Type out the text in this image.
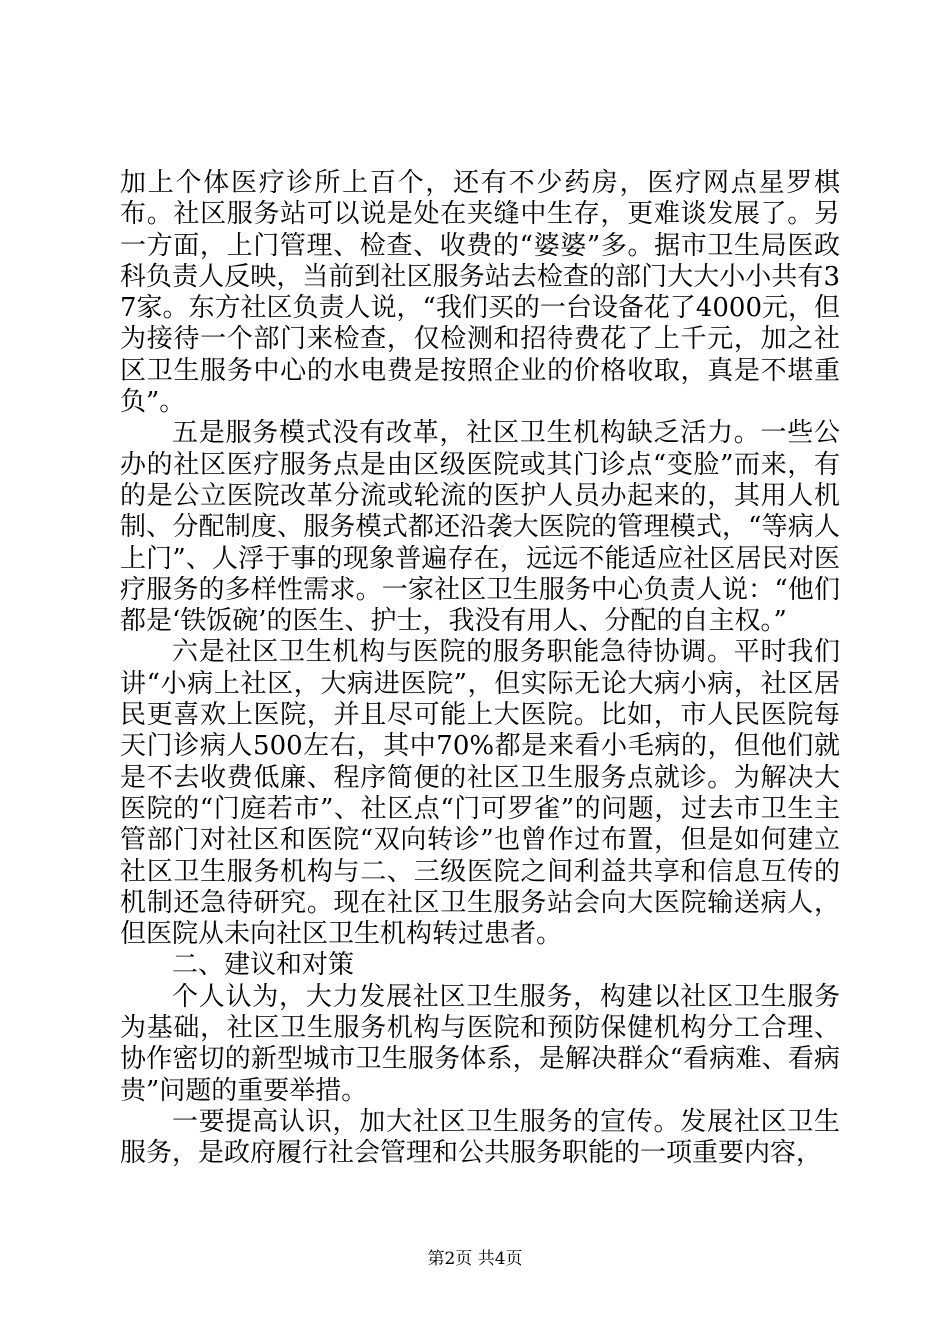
加上个体医疗诊所上百个，还有不少药房，医疗网点星罗棋布。社区服务站可以说是处在夹缝中生存，更难谈发展了。另一方面，上门管理、检查、收费的“婆婆”多。据市卫生局医政科负责人反映，当前到社区服务站去检查的部门大大小小共有37家。东方社区负责人说，“我们买的一台设备花了4000元，但为接待一个部门来检查，仅检测和招待费花了上千元，加之社区卫生服务中心的水电费是按照企业的价格收取，真是不堪重负”。

五是服务模式没有改革，社区卫生机构缺乏活力。一些公办的社区医疗服务点是由区级医院或其门诊点“变脸”而来，有的是公立医院改革分流或轮流的医护人员办起来的，其用人机制、分配制度、服务模式都还沿袭大医院的管理模式，“等病人上门”、人浮于事的现象普遍存在，远远不能适应社区居民对医疗服务的多样性需求。一家社区卫生服务中心负责人说：“他们都是‘铁饭碗’的医生、护士，我没有用人、分配的自主权。”

六是社区卫生机构与医院的服务职能急待协调。平时我们讲“小病上社区，大病进医院”，但实际无论大病小病，社区居民更喜欢上医院，并且尽可能上大医院。比如，市人民医院每天门诊病人500左右，其中70%都是来看小毛病的，但他们就是不去收费低廉、程序简便的社区卫生服务点就诊。为解决大医院的“门庭若市”、社区点“门可罗雀”的问题，过去市卫生主管部门对社区和医院“双向转诊”也曾作过布置，但是如何建立社区卫生服务机构与二、三级医院之间利益共享和信息互传的机制还急待研究。现在社区卫生服务站会向大医院输送病人，但医院从未向社区卫生机构转过患者。

二、建议和对策

个人认为，大力发展社区卫生服务，构建以社区卫生服务为基础，社区卫生服务机构与医院和预防保健机构分工合理、协作密切的新型城市卫生服务体系，是解决群众“看病难、看病贵”问题的重要举措。

一要提高认识，加大社区卫生服务的宣传。发展社区卫生服务，是政府履行社会管理和公共服务职能的一项重要内容，

第2页 共4页
